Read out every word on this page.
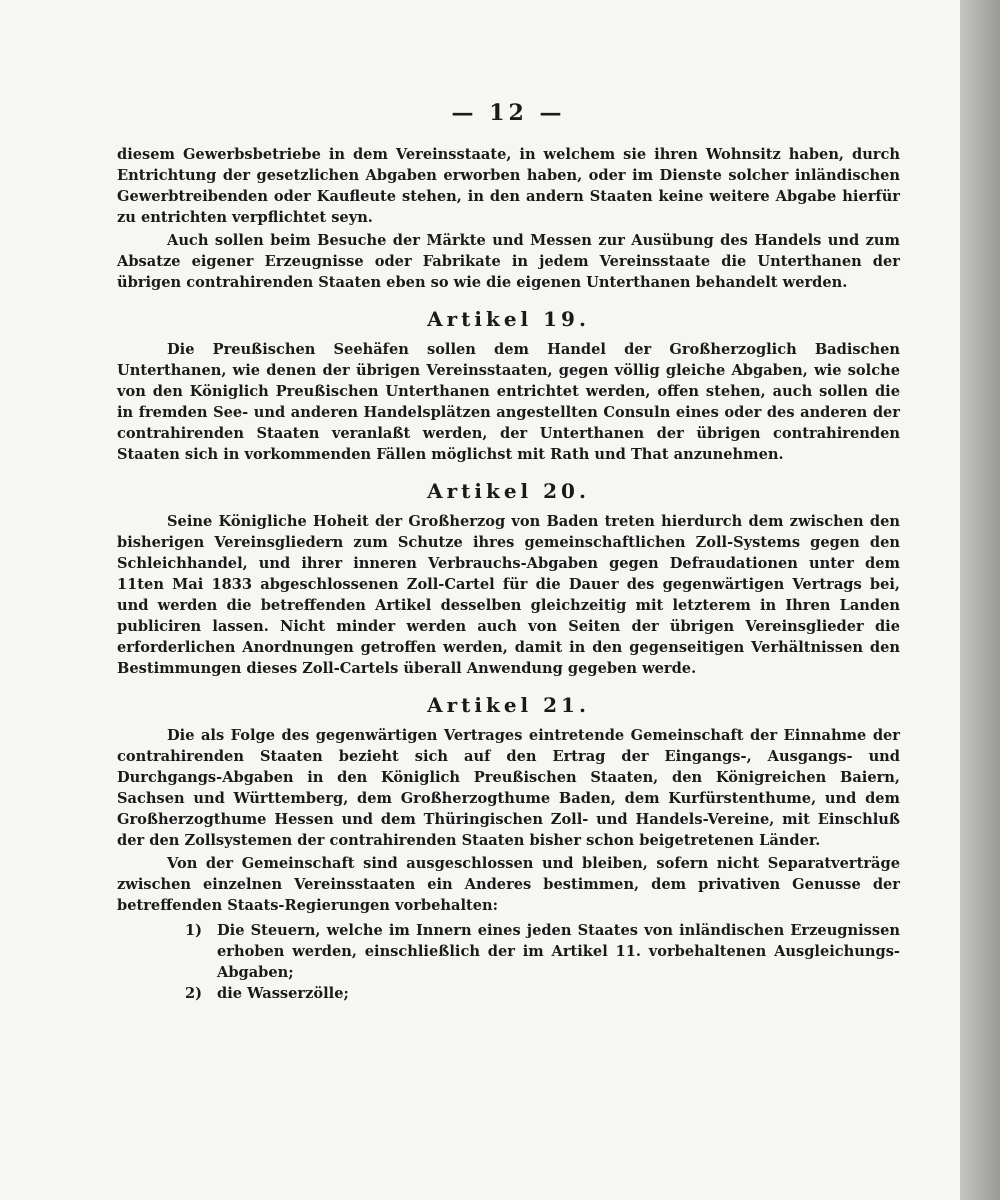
— 12 —

diesem Gewerbsbetriebe in dem Vereinsstaate, in welchem sie ihren Wohnsitz haben, durch Entrichtung der gesetzlichen Abgaben erworben haben, oder im Dienste solcher inländischen Gewerbtreibenden oder Kaufleute stehen, in den andern Staaten keine weitere Abgabe hierfür zu entrichten verpflichtet seyn.

Auch sollen beim Besuche der Märkte und Messen zur Ausübung des Handels und zum Absatze eigener Erzeugnisse oder Fabrikate in jedem Vereinsstaate die Unterthanen der übrigen contrahirenden Staaten eben so wie die eigenen Unterthanen behandelt werden.

Artikel 19.

Die Preußischen Seehäfen sollen dem Handel der Großherzoglich Badischen Unterthanen, wie denen der übrigen Vereinsstaaten, gegen völlig gleiche Abgaben, wie solche von den Königlich Preußischen Unterthanen entrichtet werden, offen stehen, auch sollen die in fremden See- und anderen Handelsplätzen angestellten Consuln eines oder des anderen der contrahirenden Staaten veranlaßt werden, der Unterthanen der übrigen contrahirenden Staaten sich in vorkommenden Fällen möglichst mit Rath und That anzunehmen.

Artikel 20.

Seine Königliche Hoheit der Großherzog von Baden treten hierdurch dem zwischen den bisherigen Vereinsgliedern zum Schutze ihres gemeinschaftlichen Zoll-Systems gegen den Schleichhandel, und ihrer inneren Verbrauchs-Abgaben gegen Defraudationen unter dem 11ten Mai 1833 abgeschlossenen Zoll-Cartel für die Dauer des gegenwärtigen Vertrags bei, und werden die betreffenden Artikel desselben gleichzeitig mit letzterem in Ihren Landen publiciren lassen. Nicht minder werden auch von Seiten der übrigen Vereinsglieder die erforderlichen Anordnungen getroffen werden, damit in den gegenseitigen Verhältnissen den Bestimmungen dieses Zoll-Cartels überall Anwendung gegeben werde.

Artikel 21.

Die als Folge des gegenwärtigen Vertrages eintretende Gemeinschaft der Einnahme der contrahirenden Staaten bezieht sich auf den Ertrag der Eingangs-, Ausgangs- und Durchgangs-Abgaben in den Königlich Preußischen Staaten, den Königreichen Baiern, Sachsen und Württemberg, dem Großherzogthume Baden, dem Kurfürstenthume, und dem Großherzogthume Hessen und dem Thüringischen Zoll- und Handels-Vereine, mit Einschluß der den Zollsystemen der contrahirenden Staaten bisher schon beigetretenen Länder.

Von der Gemeinschaft sind ausgeschlossen und bleiben, sofern nicht Separatverträge zwischen einzelnen Vereinsstaaten ein Anderes bestimmen, dem privativen Genusse der betreffenden Staats-Regierungen vorbehalten:

1) Die Steuern, welche im Innern eines jeden Staates von inländischen Erzeugnissen erhoben werden, einschließlich der im Artikel 11. vorbehaltenen Ausgleichungs-Abgaben;
2) die Wasserzölle;
